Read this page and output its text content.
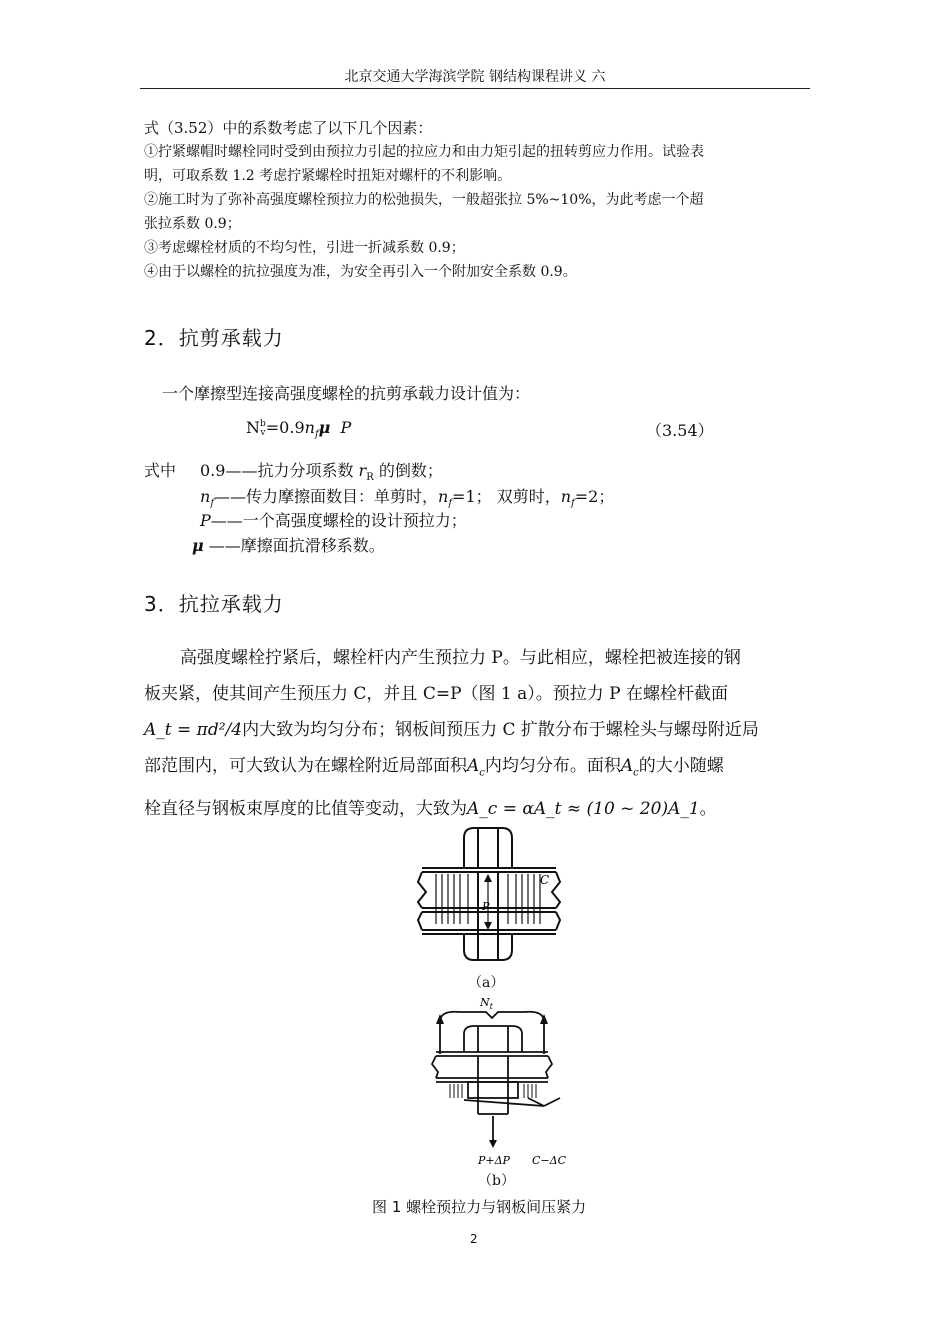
北京交通大学海滨学院 钢结构课程讲义 六
式（3.52）中的系数考虑了以下几个因素：
①拧紧螺帽时螺栓同时受到由预拉力引起的拉应力和由力矩引起的扭转剪应力作用。试验表
明，可取系数 1.2 考虑拧紧螺栓时扭矩对螺杆的不利影响。
②施工时为了弥补高强度螺栓预拉力的松弛损失，一般超张拉 5%~10%，为此考虑一个超
张拉系数 0.9；
③考虑螺栓材质的不均匀性，引进一折减系数 0.9；
④由于以螺栓的抗拉强度为准，为安全再引入一个附加安全系数 0.9。
2．抗剪承载力
一个摩擦型连接高强度螺栓的抗剪承载力设计值为：
N b
$v =0.9n_f\mu$ P	（3.54）
式中 0.9——抗力分项系数 $r_R$ 的倒数；
$n_f——$传力摩擦面数目：单剪时，$n_f=1$； 双剪时，$n_f=2$；
P——一个高强度螺栓的设计预拉力；
μ ——摩擦面抗滑移系数。
3．抗拉承载力
高强度螺栓拧紧后，螺栓杆内产生预拉力 P。与此相应，螺栓把被连接的钢
板夹紧，使其间产生预压力 C，并且 C=P（图 1 a）。预拉力 P 在螺栓杆截面
A_t = πd²/4内大致为均匀分布；钢板间预压力 C 扩散分布于螺栓头与螺母附近局
部范围内，可大致认为在螺栓附近局部面积$A_c$内均匀分布。面积$A_c$的大小随螺
栓直径与钢板束厚度的比值等变动，大致为A_c = αA_t ≈ (10 ~ 20)A_1。
C
P
（a）
$N_t$
P+ΔP C−ΔC
（b）
图 1 螺栓预拉力与钢板间压紧力
2
